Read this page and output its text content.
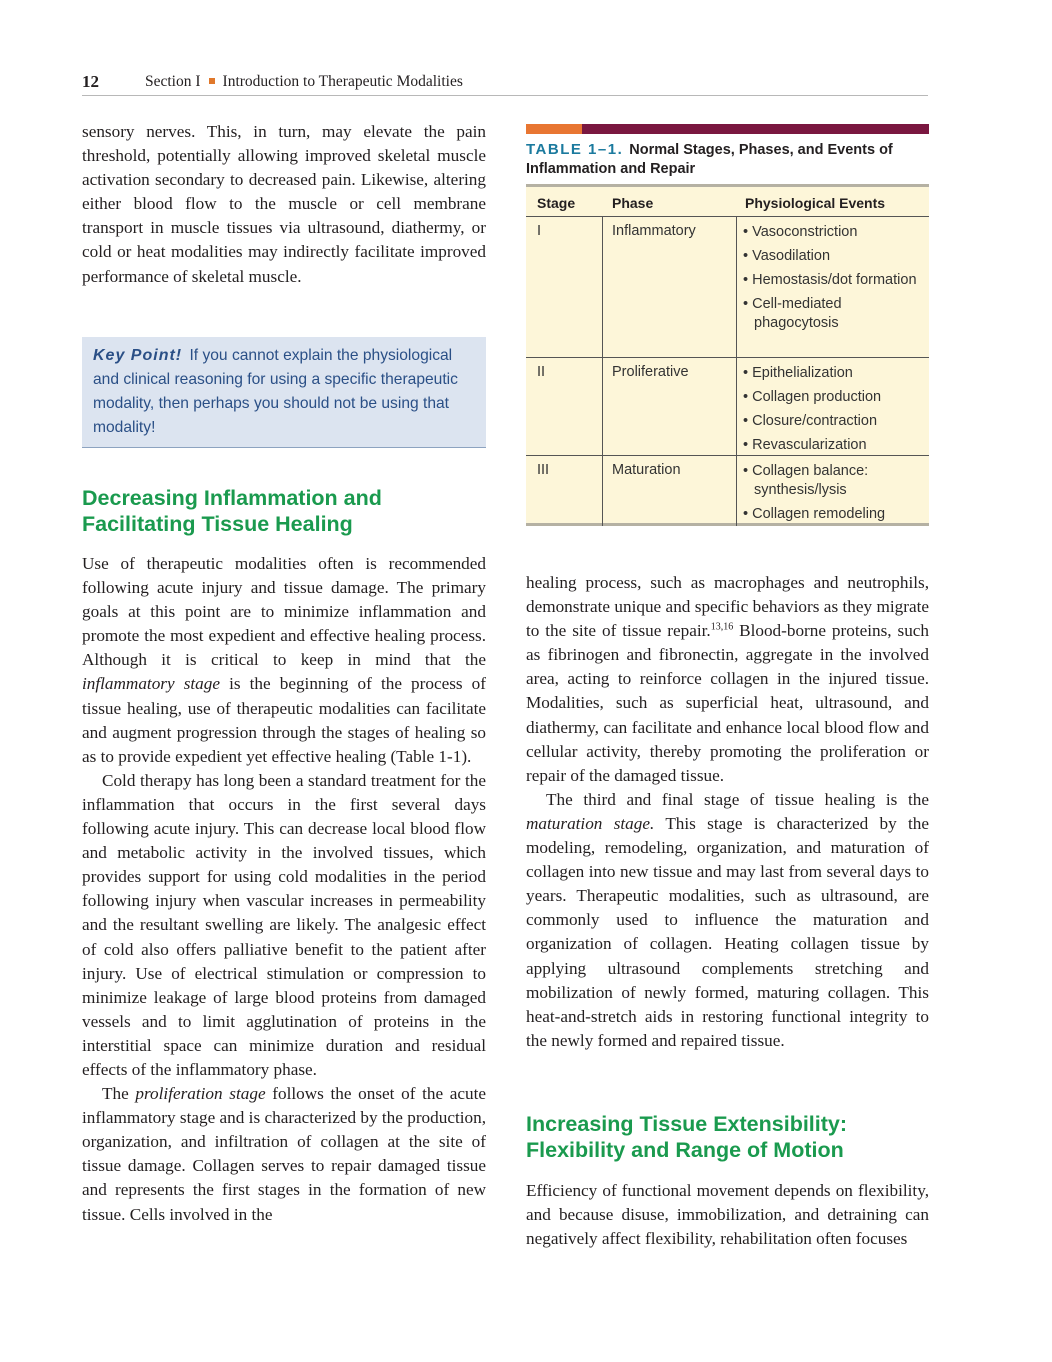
12	Section I Introduction to Therapeutic Modalities

sensory nerves. This, in turn, may elevate the pain threshold, potentially allowing improved skeletal muscle activation secondary to decreased pain. Likewise, altering either blood flow to the muscle or cell membrane transport in muscle tissues via ultrasound, diathermy, or cold or heat modalities may indirectly facilitate improved performance of skeletal muscle.

Key Point! If you cannot explain the physiological and clinical reasoning for using a specific therapeutic modality, then perhaps you should not be using that modality!
Decreasing Inflammation and Facilitating Tissue Healing

Use of therapeutic modalities often is recommended following acute injury and tissue damage. The primary goals at this point are to minimize inflammation and promote the most expedient and effective healing process. Although it is critical to keep in mind that the inflammatory stage is the beginning of the process of tissue healing, use of therapeutic modalities can facilitate and augment progression through the stages of healing so as to provide expedient yet effective healing (Table 1-1).

Cold therapy has long been a standard treatment for the inflammation that occurs in the first several days following acute injury. This can decrease local blood flow and metabolic activity in the involved tissues, which provides support for using cold modalities in the period following injury when vascular increases in permeability and the resultant swelling are likely. The analgesic effect of cold also offers palliative benefit to the patient after injury. Use of electrical stimulation or compression to minimize leakage of large blood proteins from damaged vessels and to limit agglutination of proteins in the interstitial space can minimize duration and residual effects of the inflammatory phase.

The proliferation stage follows the onset of the acute inflammatory stage and is characterized by the production, organization, and infiltration of collagen at the site of tissue damage. Collagen serves to repair damaged tissue and represents the first stages in the formation of new tissue. Cells involved in the

TABLE 1–1. Normal Stages, Phases, and Events of Inflammation and Repair
Stage	Phase	Physiological Events
I	Inflammatory	• Vasoconstriction
• Vasodilation
• Hemostasis/dot formation
• Cell-mediated phagocytosis
II	Proliferative	• Epithelialization
• Collagen production
• Closure/contraction
• Revascularization
III	Maturation	• Collagen balance: synthesis/lysis
• Collagen remodeling

healing process, such as macrophages and neutrophils, demonstrate unique and specific behaviors as they migrate to the site of tissue repair.$^{13,16}$ Blood-borne proteins, such as fibrinogen and fibronectin, aggregate in the involved area, acting to reinforce collagen in the injured tissue. Modalities, such as superficial heat, ultrasound, and diathermy, can facilitate and enhance local blood flow and cellular activity, thereby promoting the proliferation or repair of the damaged tissue.

The third and final stage of tissue healing is the maturation stage. This stage is characterized by the modeling, remodeling, organization, and maturation of collagen into new tissue and may last from several days to years. Therapeutic modalities, such as ultrasound, are commonly used to influence the maturation and organization of collagen. Heating collagen tissue by applying ultrasound complements stretching and mobilization of newly formed, maturing collagen. This heat-and-stretch aids in restoring functional integrity to the newly formed and repaired tissue.

Increasing Tissue Extensibility: Flexibility and Range of Motion

Efficiency of functional movement depends on flexibility, and because disuse, immobilization, and detraining can negatively affect flexibility, rehabilitation often focuses
